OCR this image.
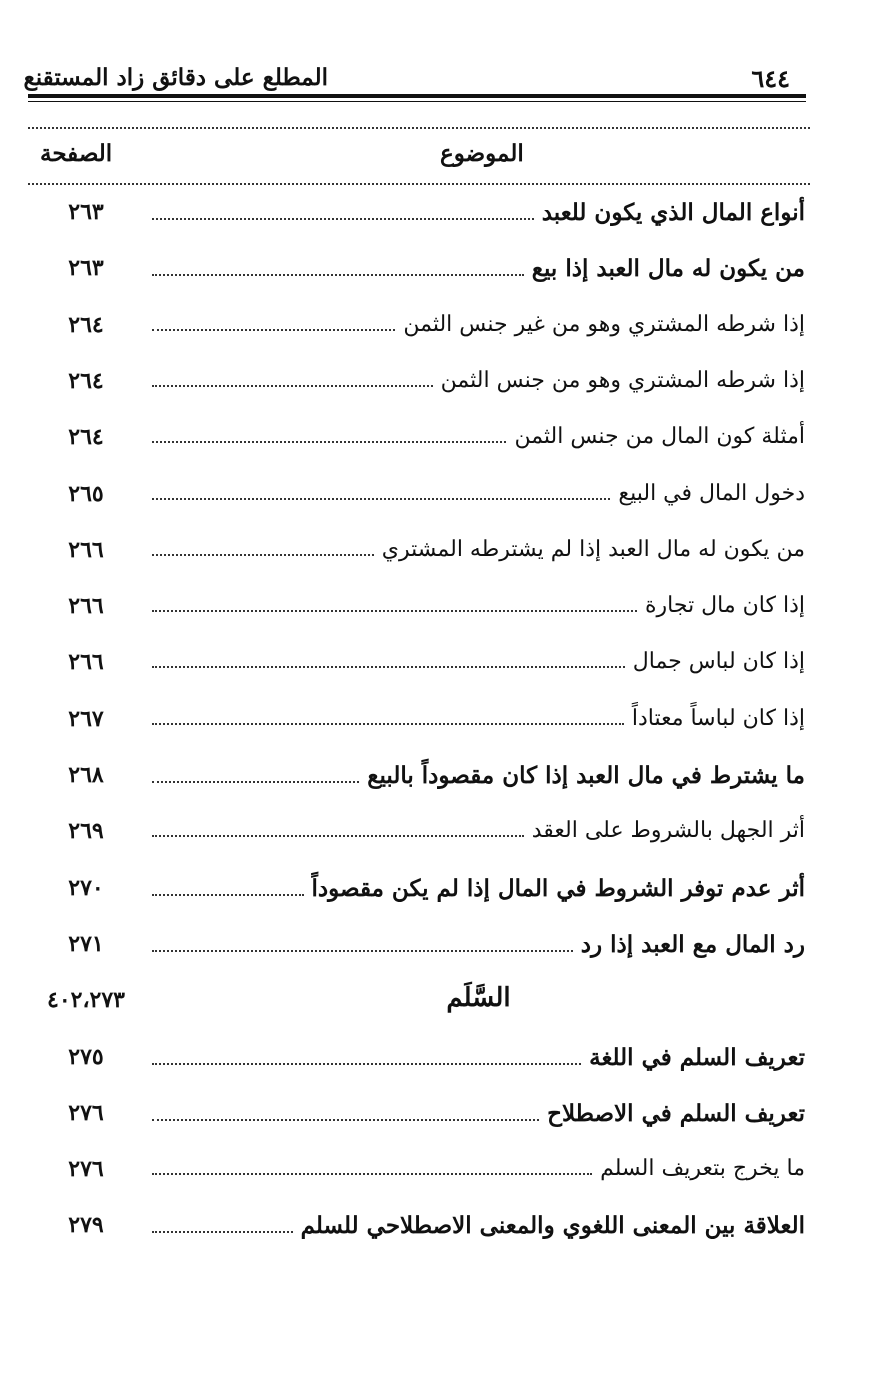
٦٤٤
المطلع على دقائق زاد المستقنع
الموضوع
الصفحة
أنواع المال الذي يكون للعبد
٢٦٣
من يكون له مال العبد إذا بيع
٢٦٣
إذا شرطه المشتري وهو من غير جنس الثمن
٢٦٤
إذا شرطه المشتري وهو من جنس الثمن
٢٦٤
أمثلة كون المال من جنس الثمن
٢٦٤
دخول المال في البيع
٢٦٥
من يكون له مال العبد إذا لم يشترطه المشتري
٢٦٦
إذا كان مال تجارة
٢٦٦
إذا كان لباس جمال
٢٦٦
إذا كان لباساً معتاداً
٢٦٧
ما يشترط في مال العبد إذا كان مقصوداً بالبيع
٢٦٨
أثر الجهل بالشروط على العقد
٢٦٩
أثر عدم توفر الشروط في المال إذا لم يكن مقصوداً
٢٧٠
رد المال مع العبد إذا رد
٢٧١
السَّلَم
٤٠٢،٢٧٣
تعريف السلم في اللغة
٢٧٥
تعريف السلم في الاصطلاح
٢٧٦
ما يخرج بتعريف السلم
٢٧٦
العلاقة بين المعنى اللغوي والمعنى الاصطلاحي للسلم
٢٧٩
